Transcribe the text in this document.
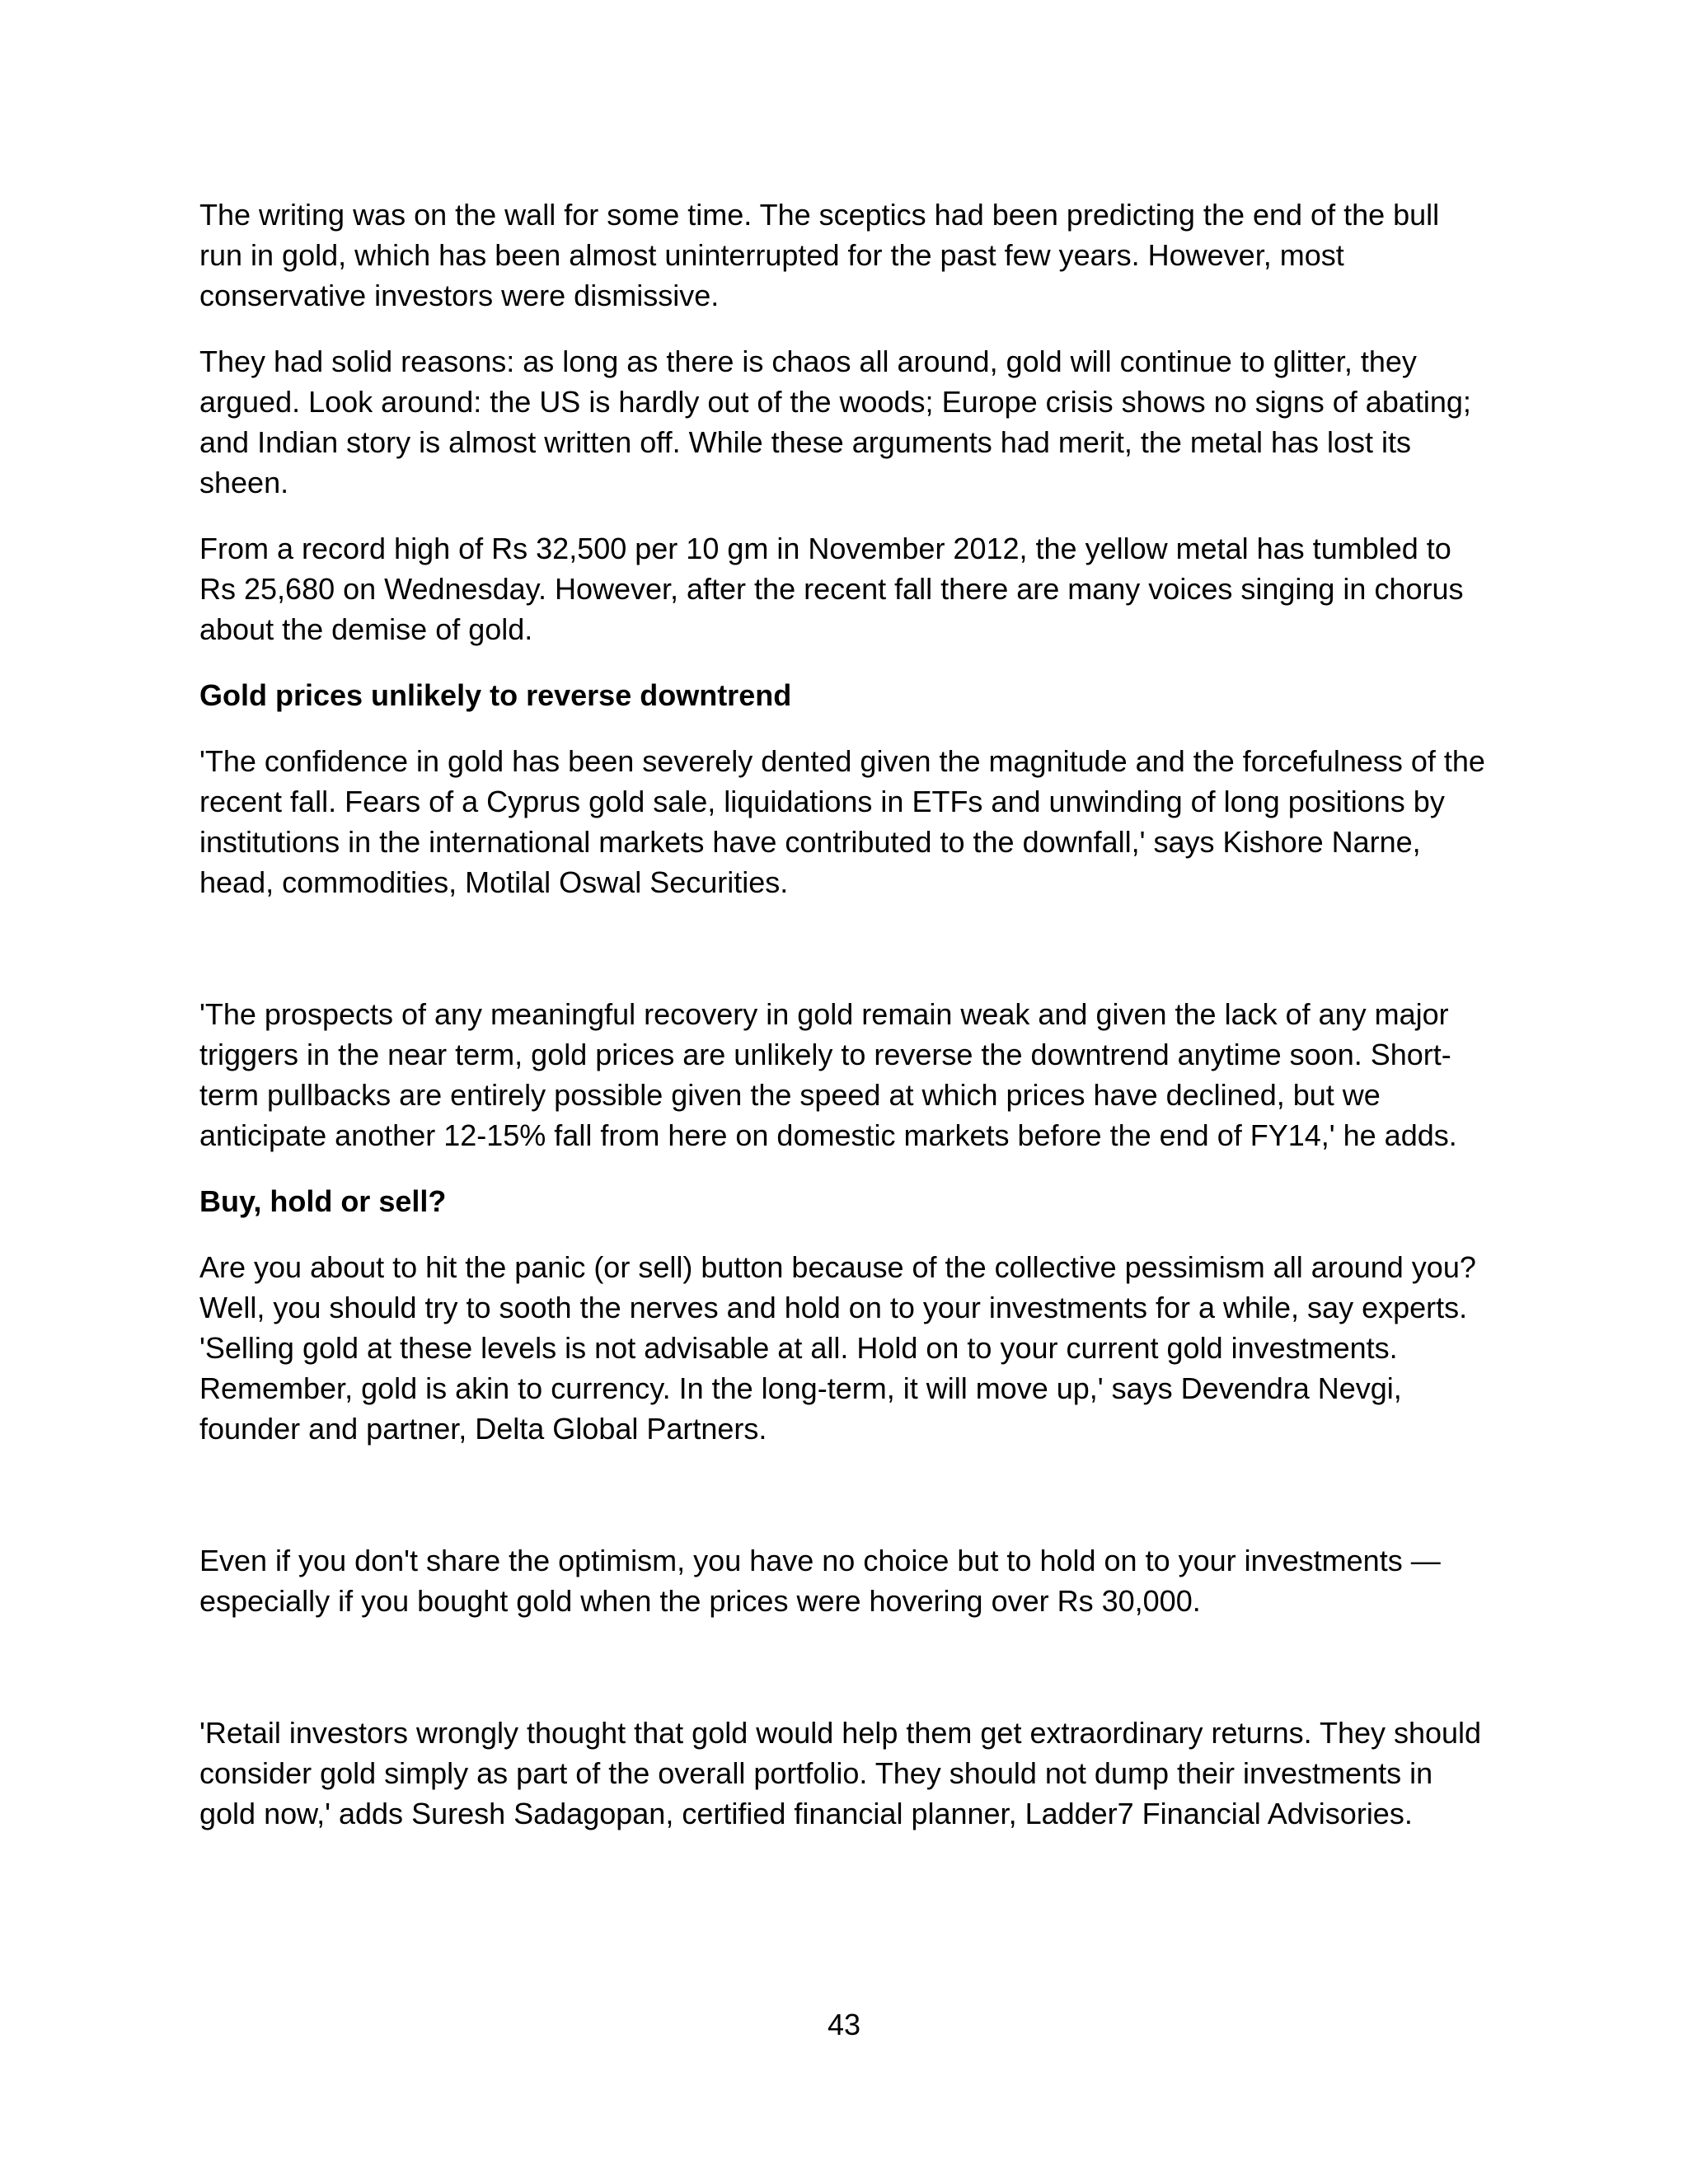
The writing was on the wall for some time. The sceptics had been predicting the end of the bull run in gold, which has been almost uninterrupted for the past few years. However, most conservative investors were dismissive.

They had solid reasons: as long as there is chaos all around, gold will continue to glitter, they argued. Look around: the US is hardly out of the woods; Europe crisis shows no signs of abating; and Indian story is almost written off. While these arguments had merit, the metal has lost its sheen.

From a record high of Rs 32,500 per 10 gm in November 2012, the yellow metal has tumbled to Rs 25,680 on Wednesday. However, after the recent fall there are many voices singing in chorus about the demise of gold.

Gold prices unlikely to reverse downtrend

'The confidence in gold has been severely dented given the magnitude and the forcefulness of the recent fall. Fears of a Cyprus gold sale, liquidations in ETFs and unwinding of long positions by institutions in the international markets have contributed to the downfall,' says Kishore Narne, head, commodities, Motilal Oswal Securities.

'The prospects of any meaningful recovery in gold remain weak and given the lack of any major triggers in the near term, gold prices are unlikely to reverse the downtrend anytime soon. Short-term pullbacks are entirely possible given the speed at which prices have declined, but we anticipate another 12-15% fall from here on domestic markets before the end of FY14,' he adds.

Buy, hold or sell?

Are you about to hit the panic (or sell) button because of the collective pessimism all around you? Well, you should try to sooth the nerves and hold on to your investments for a while, say experts. 'Selling gold at these levels is not advisable at all. Hold on to your current gold investments. Remember, gold is akin to currency. In the long-term, it will move up,' says Devendra Nevgi, founder and partner, Delta Global Partners.

Even if you don't share the optimism, you have no choice but to hold on to your investments — especially if you bought gold when the prices were hovering over Rs 30,000.

'Retail investors wrongly thought that gold would help them get extraordinary returns. They should consider gold simply as part of the overall portfolio. They should not dump their investments in gold now,' adds Suresh Sadagopan, certified financial planner, Ladder7 Financial Advisories.

43
